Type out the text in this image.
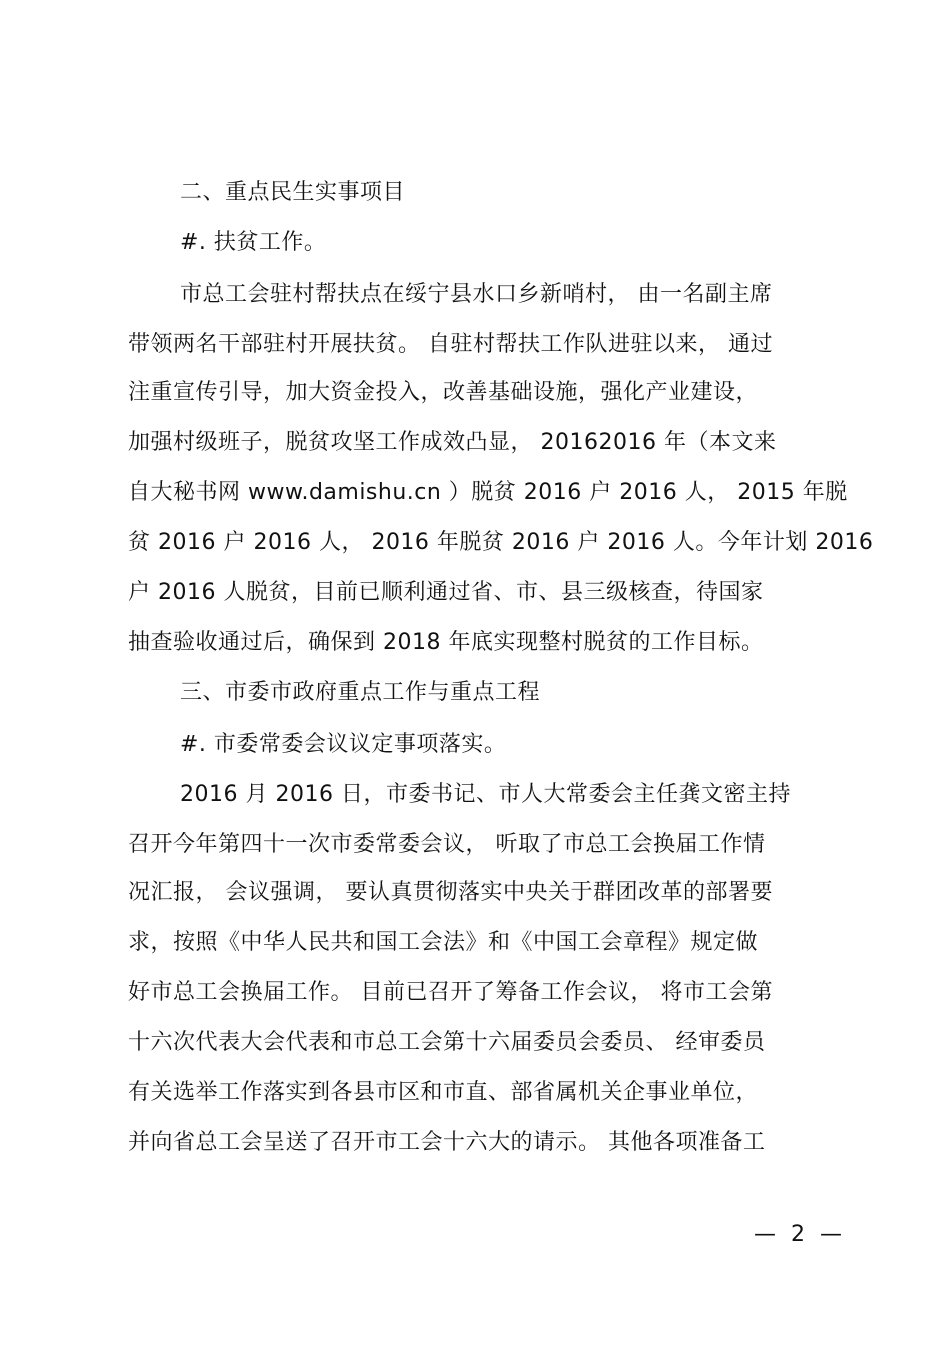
二、重点民生实事项目
#. 扶贫工作。
市总工会驻村帮扶点在绥宁县水口乡新哨村， 由一名副主席
带领两名干部驻村开展扶贫。 自驻村帮扶工作队进驻以来， 通过
注重宣传引导，加大资金投入，改善基础设施，强化产业建设，
加强村级班子，脱贫攻坚工作成效凸显， 20162016 年（本文来
自大秘书网 www.damishu.cn ）脱贫 2016 户 2016 人， 2015 年脱
贫 2016 户 2016 人， 2016 年脱贫 2016 户 2016 人。今年计划 2016
户 2016 人脱贫，目前已顺利通过省、市、县三级核查，待国家
抽查验收通过后，确保到 2018 年底实现整村脱贫的工作目标。
三、市委市政府重点工作与重点工程
#. 市委常委会议议定事项落实。
2016 月 2016 日，市委书记、市人大常委会主任龚文密主持
召开今年第四十一次市委常委会议， 听取了市总工会换届工作情
况汇报， 会议强调， 要认真贯彻落实中央关于群团改革的部署要
求，按照《中华人民共和国工会法》和《中国工会章程》规定做
好市总工会换届工作。 目前已召开了筹备工作会议， 将市工会第
十六次代表大会代表和市总工会第十六届委员会委员、 经审委员
有关选举工作落实到各县市区和市直、部省属机关企事业单位，
并向省总工会呈送了召开市工会十六大的请示。 其他各项准备工
— 2 —
